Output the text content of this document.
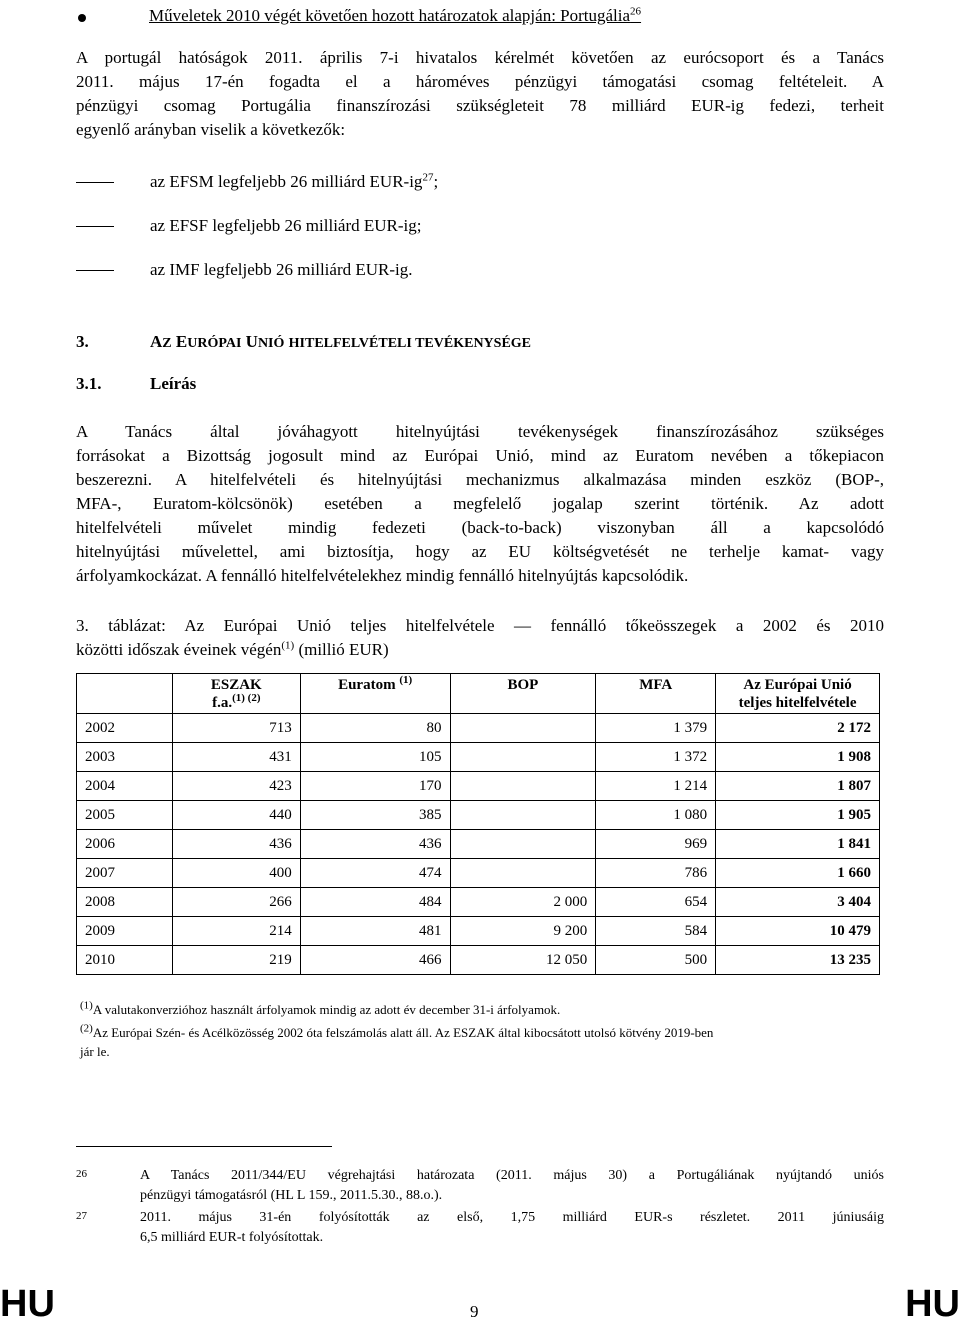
Műveletek 2010 végét követően hozott határozatok alapján: Portugália$^{26}$

A portugál hatóságok 2011. április 7-i hivatalos kérelmét követően az eurócsoport és a Tanács

2011. május 17-én fogadta el a hároméves pénzügyi támogatási csomag feltételeit. A

pénzügyi csomag Portugália finanszírozási szükségleteit 78 milliárd EUR-ig fedezi, terheit

egyenlő arányban viselik a következők:

az EFSM legfeljebb 26 milliárd EUR-$ig^{27}$;
az EFSF legfeljebb 26 milliárd EUR-ig;
az IMF legfeljebb 26 milliárd EUR-ig.
3.	AZ EURÓPAI UNIÓ HITELFELVÉTELI TEVÉKENYSÉGE
3.1.	Leírás

A Tanács által jóváhagyott hitelnyújtási tevékenységek finanszírozásához szükséges

forrásokat a Bizottság jogosult mind az Európai Unió, mind az Euratom nevében a tőkepiacon

beszerezni. A hitelfelvételi és hitelnyújtási mechanizmus alkalmazása minden eszköz (BOP-,

MFA-, Euratom-kölcsönök) esetében a megfelelő jogalap szerint történik. Az adott

hitelfelvételi művelet mindig fedezeti (back-to-back) viszonyban áll a kapcsolódó

hitelnyújtási művelettel, ami biztosítja, hogy az EU költségvetését ne terhelje kamat- vagy

árfolyamkockázat. A fennálló hitelfelvételekhez mindig fennálló hitelnyújtás kapcsolódik.

3. táblázat: Az Európai Unió teljes hitelfelvétele — fennálló tőkeösszegek a 2002 és 2010

közötti időszak éveinek végén$^{(1)}$ (millió EUR)

	ESZAK
f.a.$^{(1) (2)}$	Euratom $^{(1)}$	BOP	MFA	Az Európai Unió
teljes hitelfelvétele
2002	713	80		1 379	2 172
2003	431	105		1 372	1 908
2004	423	170		1 214	1 807
2005	440	385		1 080	1 905
2006	436	436		969	1 841
2007	400	474		786	1 660
2008	266	484	2 000	654	3 404
2009	214	481	9 200	584	10 479
2010	219	466	12 050	500	13 235

$^{(1)}$A valutakonverzióhoz használt árfolyamok mindig az adott év december 31-i árfolyamok.

$^{(2)}$Az Európai Szén- és Acélközösség 2002 óta felszámolás alatt áll. Az ESZAK által kibocsátott utolsó kötvény 2019-ben

jár le.

26	A Tanács 2011/344/EU végrehajtási határozata (2011. május 30) a Portugáliának nyújtandó uniós

pénzügyi támogatásról (HL L 159., 2011.5.30., 88.o.).

27	2011. május 31-én folyósították az első, 1,75 milliárd EUR-s részletet. 2011 júniusáig

6,5 milliárd EUR-t folyósítottak.

HU	9	HU
